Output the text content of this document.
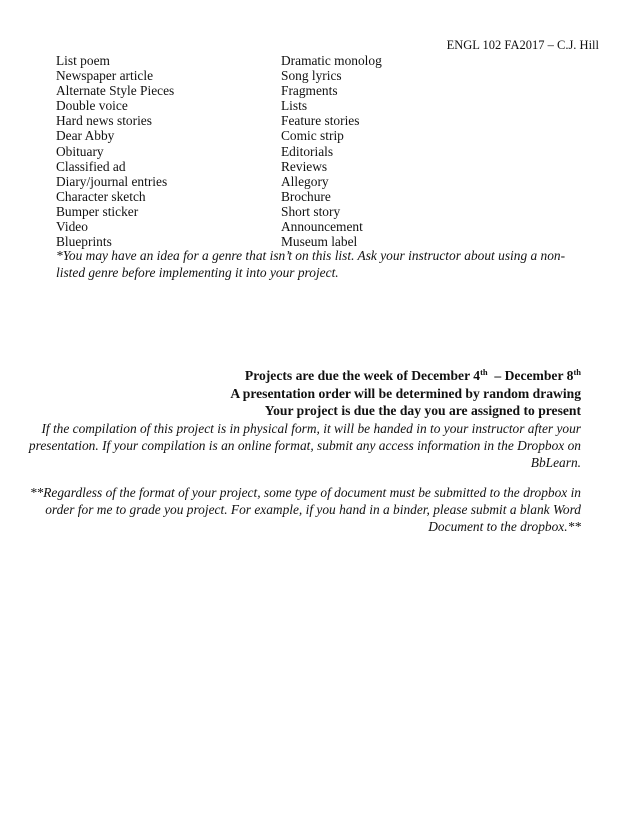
ENGL 102 FA2017 – C.J. Hill
List poem	Dramatic monolog
Newspaper article	Song lyrics
Alternate Style Pieces	Fragments
Double voice	Lists
Hard news stories	Feature stories
Dear Abby	Comic strip
Obituary	Editorials
Classified ad	Reviews
Diary/journal entries	Allegory
Character sketch	Brochure
Bumper sticker	Short story
Video	Announcement
Blueprints	Museum label
*You may have an idea for a genre that isn’t on this list. Ask your instructor about using a non-listed genre before implementing it into your project.
Projects are due the week of December 4th  – December 8th
A presentation order will be determined by random drawing
Your project is due the day you are assigned to present
If the compilation of this project is in physical form, it will be handed in to your instructor after your presentation. If your compilation is an online format, submit any access information in the Dropbox on BbLearn.
**Regardless of the format of your project, some type of document must be submitted to the dropbox in order for me to grade you project. For example, if you hand in a binder, please submit a blank Word Document to the dropbox.**
